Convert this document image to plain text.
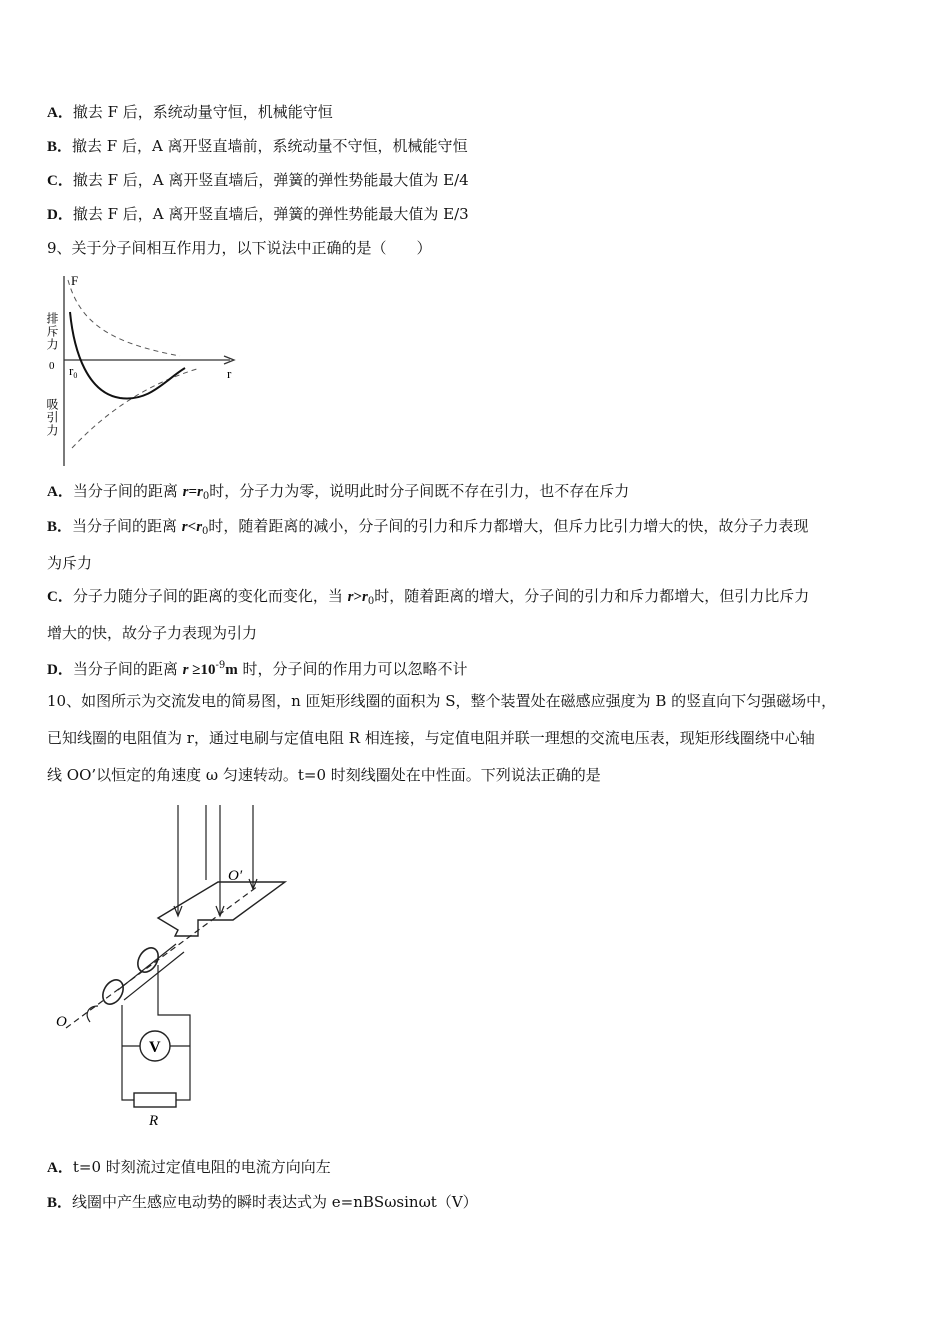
A．撤去 F 后，系统动量守恒，机械能守恒
B．撤去 F 后，A 离开竖直墙前，系统动量不守恒，机械能守恒
C．撤去 F 后，A 离开竖直墙后，弹簧的弹性势能最大值为 E/4
D．撤去 F 后，A 离开竖直墙后，弹簧的弹性势能最大值为 E/3
9、关于分子间相互作用力，以下说法中正确的是（　　）
F
0 $r_0$	r
排斥力
吸引力
A．当分子间的距离 $r=r_0$时，分子力为零，说明此时分子间既不存在引力，也不存在斥力
B．当分子间的距离 $r<r_0$时，随着距离的减小，分子间的引力和斥力都增大，但斥力比引力增大的快，故分子力表现
为斥力
C．分子力随分子间的距离的变化而变化，当 $r>r_0$时，随着距离的增大，分子间的引力和斥力都增大，但引力比斥力
增大的快，故分子力表现为引力
D．当分子间的距离 $r \ge 10^{-9}m$ 时，分子间的作用力可以忽略不计
10、如图所示为交流发电的简易图，n 匝矩形线圈的面积为 S，整个装置处在磁感应强度为 B 的竖直向下匀强磁场中，
已知线圈的电阻值为 r，通过电刷与定值电阻 R 相连接，与定值电阻并联一理想的交流电压表，现矩形线圈绕中心轴
线 OO’以恒定的角速度 ω 匀速转动。t=0 时刻线圈处在中性面。下列说法正确的是
O
O′
V
R
A．t=0 时刻流过定值电阻的电流方向向左
B．线圈中产生感应电动势的瞬时表达式为 e=nBSωsinωt（V）
